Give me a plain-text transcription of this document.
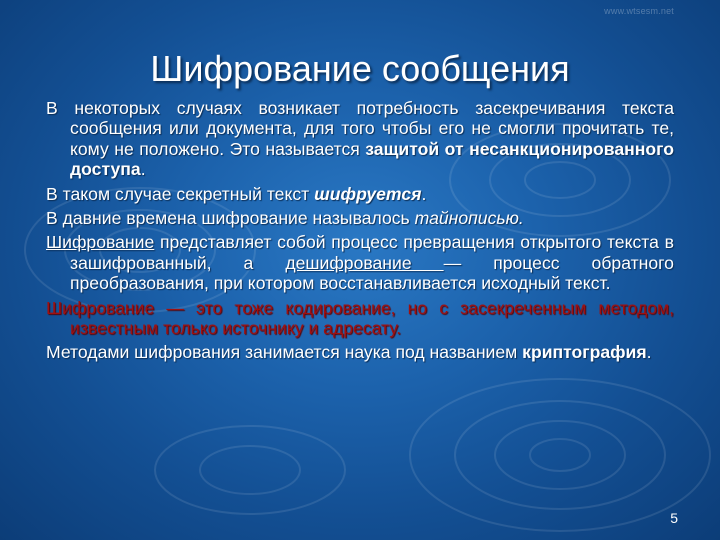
www.wtsesm.net
Шифрование сообщения

В некоторых случаях возникает потребность засекречивания текста сообщения или документа, для того чтобы его не смогли прочитать те, кому не положено. Это называется защитой от несанкционированного доступа.

В таком случае секретный текст шифруется.

В давние времена шифрование называлось тайнописью.

Шифрование представляет собой процесс превращения открытого текста в зашифрованный, а дешифрование — процесс обратного преобразования, при котором восстанавливается исходный текст.

Шифрование — это тоже кодирование, но с засекреченным методом, известным только источнику и адресату.

Методами шифрования занимается наука под названием криптография.

5
